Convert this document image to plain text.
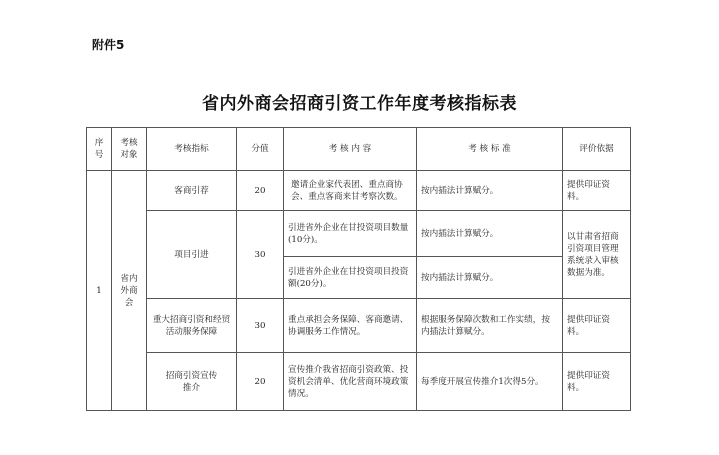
附件5
省内外商会招商引资工作年度考核指标表
序号	考核对象	考核指标	分值	考 核 内 容	考 核 标 准	评价依据
1	省内外商会	客商引荐	20	邀请企业家代表团、重点商协会、重点客商来甘考察次数。	按内插法计算赋分。	提供印证资料。
		项目引进	30	引进省外企业在甘投资项目数量(10分)。	按内插法计算赋分。	以甘肃省招商引资项目管理系统录入审核数据为准。
				引进省外企业在甘投资项目投资额(20分)。	按内插法计算赋分。	
		重大招商引资和经贸活动服务保障	30	重点承担会务保障、客商邀请、协调服务工作情况。	根据服务保障次数和工作实绩，按内插法计算赋分。	提供印证资料。
		招商引资宣传推介	20	宣传推介我省招商引资政策、投资机会清单、优化营商环境政策情况。	每季度开展宣传推介1次得5分。	提供印证资料。
